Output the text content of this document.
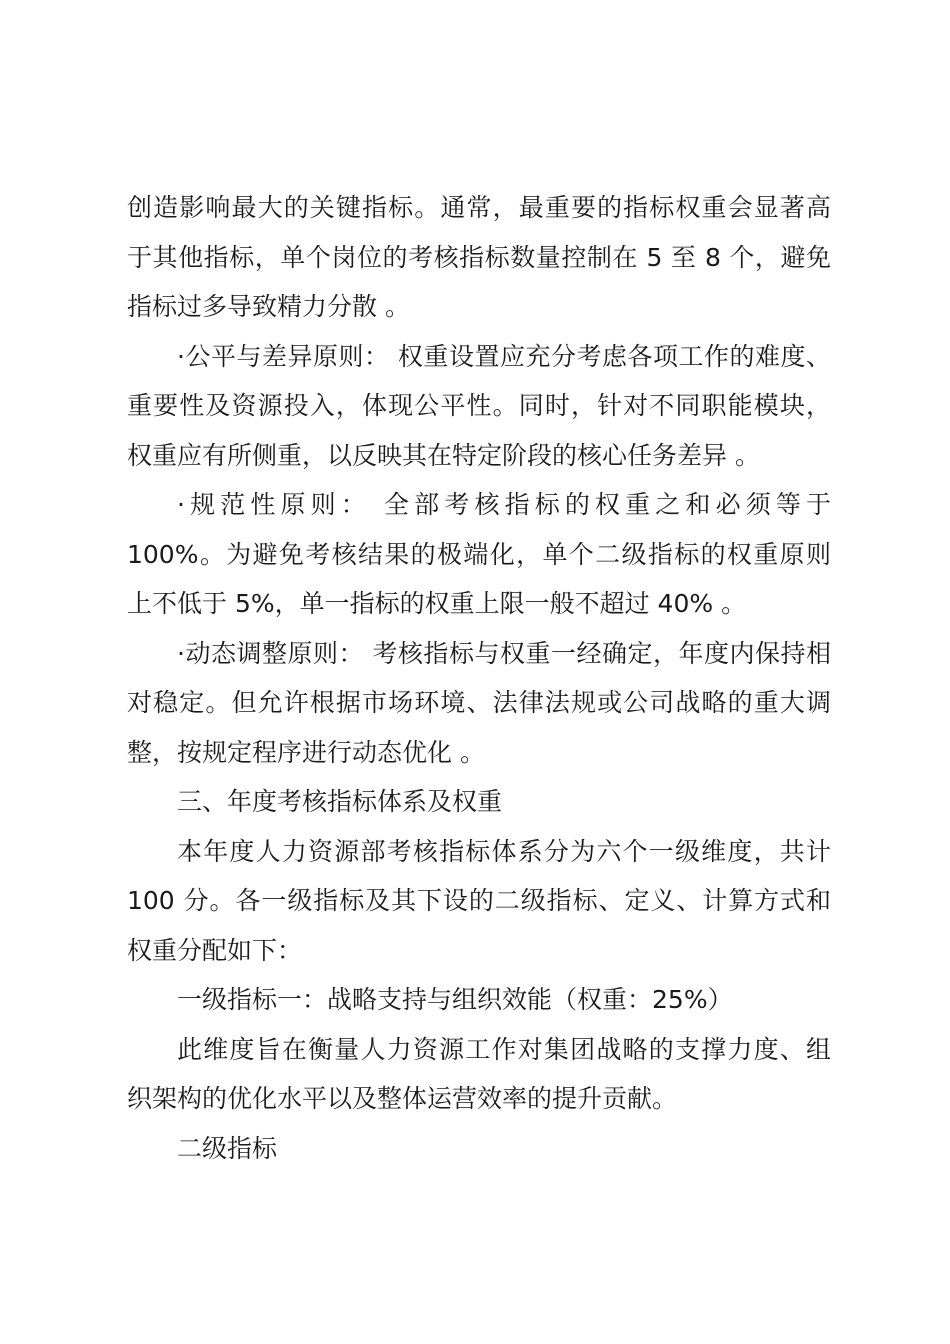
创造影响最大的关键指标。通常，最重要的指标权重会显著高
于其他指标，单个岗位的考核指标数量控制在 5 至 8 个，避免
指标过多导致精力分散 。

·公平与差异原则： 权重设置应充分考虑各项工作的难度、
重要性及资源投入，体现公平性。同时，针对不同职能模块，
权重应有所侧重，以反映其在特定阶段的核心任务差异 。

·规范性原则： 全部考核指标的权重之和必须等于
100%。为避免考核结果的极端化，单个二级指标的权重原则
上不低于 5%，单一指标的权重上限一般不超过 40% 。

·动态调整原则： 考核指标与权重一经确定，年度内保持相
对稳定。但允许根据市场环境、法律法规或公司战略的重大调
整，按规定程序进行动态优化 。

三、年度考核指标体系及权重

本年度人力资源部考核指标体系分为六个一级维度，共计
100 分。各一级指标及其下设的二级指标、定义、计算方式和
权重分配如下：

一级指标一：战略支持与组织效能（权重：25%）

此维度旨在衡量人力资源工作对集团战略的支撑力度、组
织架构的优化水平以及整体运营效率的提升贡献。

二级指标
